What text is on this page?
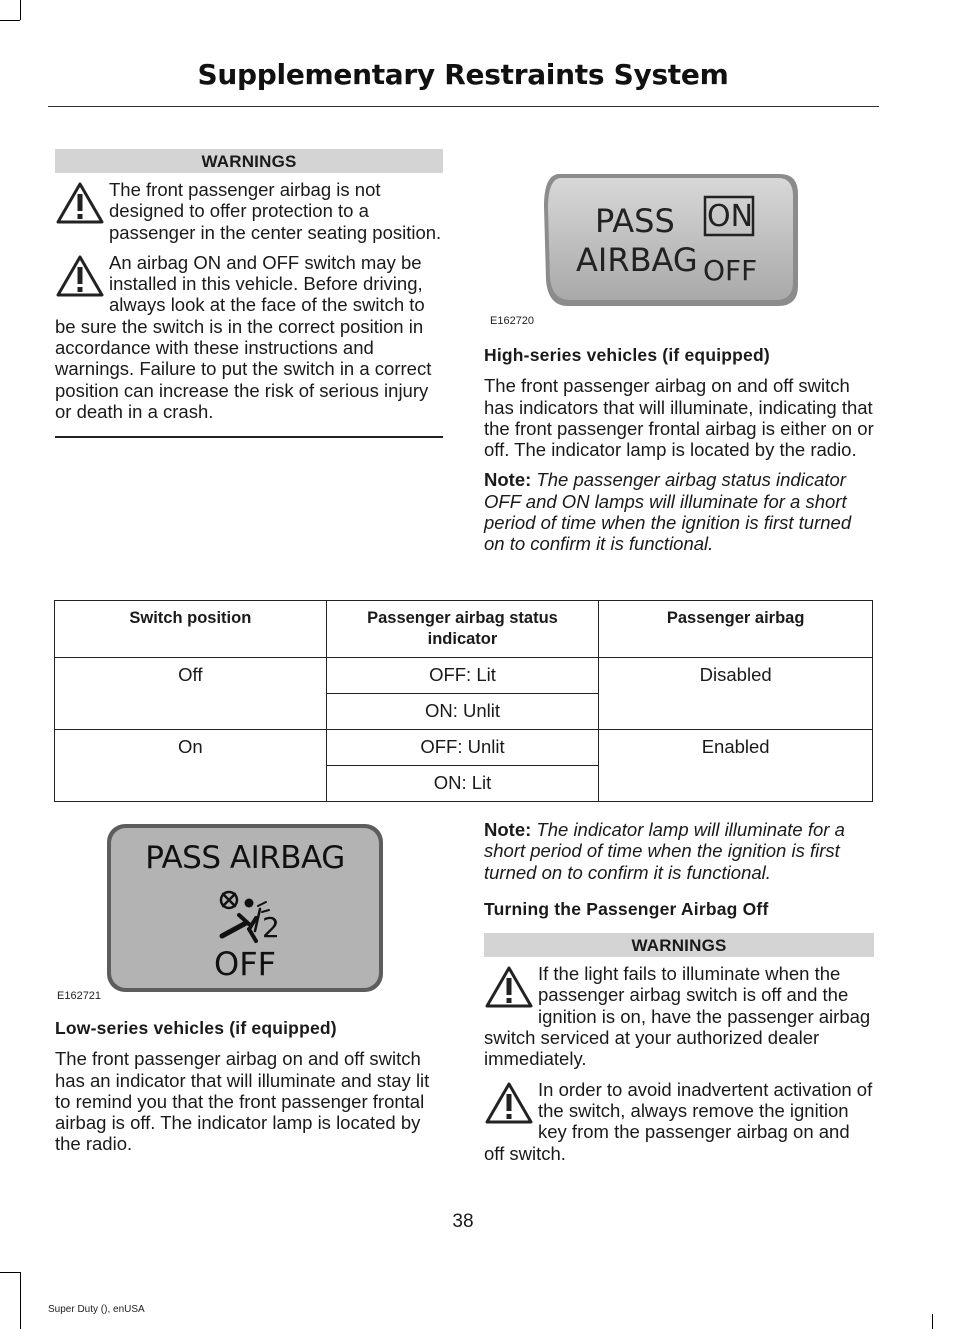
Supplementary Restraints System
WARNINGS

The front passenger airbag is not designed to offer protection to a passenger in the center seating position.

An airbag ON and OFF switch may be installed in this vehicle. Before driving, always look at the face of the switch to be sure the switch is in the correct position in accordance with these instructions and warnings. Failure to put the switch in a correct position can increase the risk of serious injury or death in a crash.

PASS
AIRBAG
ON
OFF
E162720
High-series vehicles (if equipped)

The front passenger airbag on and off switch has indicators that will illuminate, indicating that the front passenger frontal airbag is either on or off. The indicator lamp is located by the radio.

Note: The passenger airbag status indicator OFF and ON lamps will illuminate for a short period of time when the ignition is first turned on to confirm it is functional.

Switch position	Passenger airbag status indicator	Passenger airbag
Off	OFF: Lit	Disabled
	ON: Unlit	
On	OFF: Unlit	Enabled
	ON: Lit	
PASS AIRBAG
2
OFF
E162721
Low-series vehicles (if equipped)

The front passenger airbag on and off switch has an indicator that will illuminate and stay lit to remind you that the front passenger frontal airbag is off. The indicator lamp is located by the radio.

Note: The indicator lamp will illuminate for a short period of time when the ignition is first turned on to confirm it is functional.

Turning the Passenger Airbag Off
WARNINGS

If the light fails to illuminate when the passenger airbag switch is off and the ignition is on, have the passenger airbag switch serviced at your authorized dealer immediately.

In order to avoid inadvertent activation of the switch, always remove the ignition key from the passenger airbag on and off switch.

38
Super Duty (), enUSA
